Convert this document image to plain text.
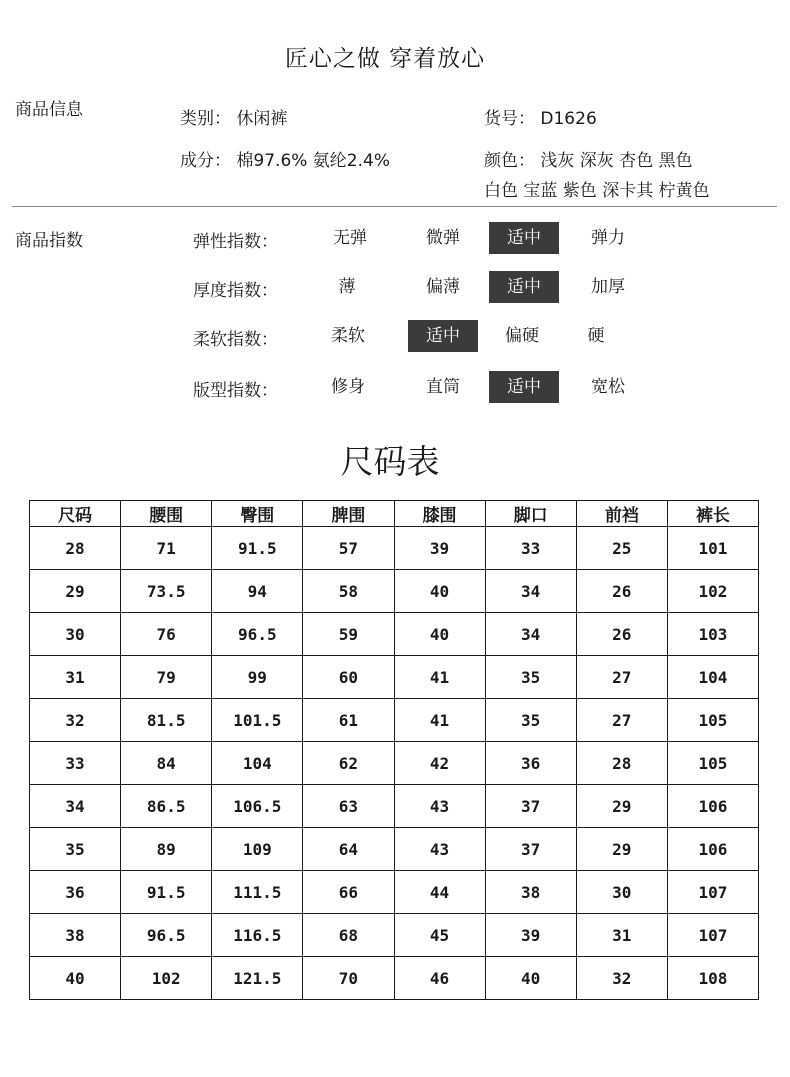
匠心之做 穿着放心
商品信息	类别： 休闲裤	货号： D1626
成分： 棉97.6% 氨纶2.4%	颜色： 浅灰 深灰 杏色 黑色
白色 宝蓝 紫色 深卡其 柠黄色
商品指数	弹性指数：	无弹	微弹	适中	弹力
厚度指数：	薄	偏薄	适中	加厚
柔软指数：	柔软	适中	偏硬	硬
版型指数：	修身	直筒	适中	宽松
尺码表
尺码	腰围	臀围	脾围	膝围	脚口	前裆	裤长
28	71	91.5	57	39	33	25	101
29	73.5	94	58	40	34	26	102
30	76	96.5	59	40	34	26	103
31	79	99	60	41	35	27	104
32	81.5	101.5	61	41	35	27	105
33	84	104	62	42	36	28	105
34	86.5	106.5	63	43	37	29	106
35	89	109	64	43	37	29	106
36	91.5	111.5	66	44	38	30	107
38	96.5	116.5	68	45	39	31	107
40	102	121.5	70	46	40	32	108
